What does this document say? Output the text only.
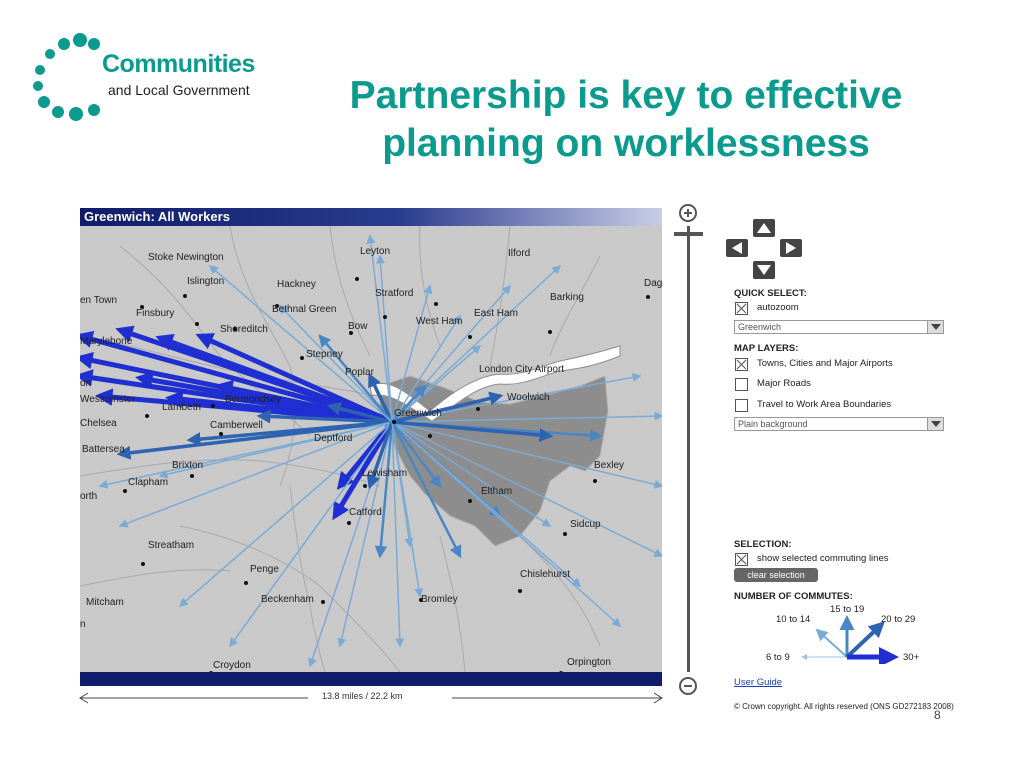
Communities
and Local Government	Partnership is key to effective
planning on worklessness
Greenwich: All Workers
Stoke Newington
Islington	Hackney
Leyton	Ilford
Dag
en Town
Finsbury	Bethnal Green
Stratford	Barking
East Ham
Shoreditch	Bow	West Ham
Marylebone
Stepney
London City Airport
Poplar
Westminster
Lambeth
Bermondsey	Woolwich
Greenwich
Chelsea	Camberwell
Deptford
Battersea
Brixton	Bexley
Lewisham
Clapham
orth	Eltham
Catford
Sidcup
Streatham
Penge	Chislehurst
Mitcham	Beckenham	Bromley
Croydon	Orpington
on
n
13.8 miles / 22.2 km
QUICK SELECT:
autozoom
Greenwich
MAP LAYERS:
Towns, Cities and Major Airports
Major Roads
Travel to Work Area Boundaries
Plain background
SELECTION:
show selected commuting lines
clear selection
NUMBER OF COMMUTES:
6 to 9
10 to 14
15 to 19
20 to 29
30+
User Guide
© Crown copyright. All rights reserved (ONS GD272183 2008)
8
